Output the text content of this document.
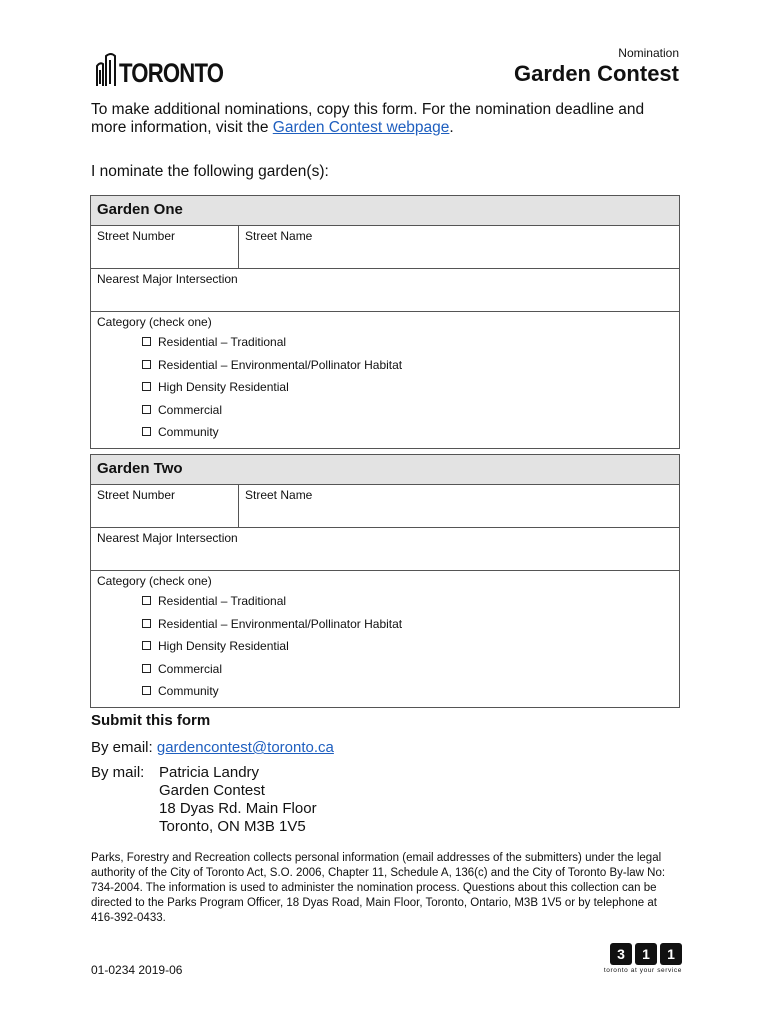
TORONTO
Nomination
Garden Contest
To make additional nominations, copy this form. For the nomination deadline and more information, visit the Garden Contest webpage.
I nominate the following garden(s):
Garden One
Street Number	Street Name
Nearest Major Intersection
Category (check one)
Residential – Traditional
Residential – Environmental/Pollinator Habitat
High Density Residential
Commercial
Community
Garden Two
Street Number	Street Name
Nearest Major Intersection
Category (check one)
Residential – Traditional
Residential – Environmental/Pollinator Habitat
High Density Residential
Commercial
Community
Submit this form
By email: gardencontest@toronto.ca
By mail: Patricia Landry
Garden Contest
18 Dyas Rd. Main Floor
Toronto, ON M3B 1V5
Parks, Forestry and Recreation collects personal information (email addresses of the submitters) under the legal authority of the City of Toronto Act, S.O. 2006, Chapter 11, Schedule A, 136(c) and the City of Toronto By-law No: 734-2004. The information is used to administer the nomination process. Questions about this collection can be directed to the Parks Program Officer, 18 Dyas Road, Main Floor, Toronto, Ontario, M3B 1V5 or by telephone at 416-392-0433.
01-0234 2019-06
3	1	1
toronto at your service
